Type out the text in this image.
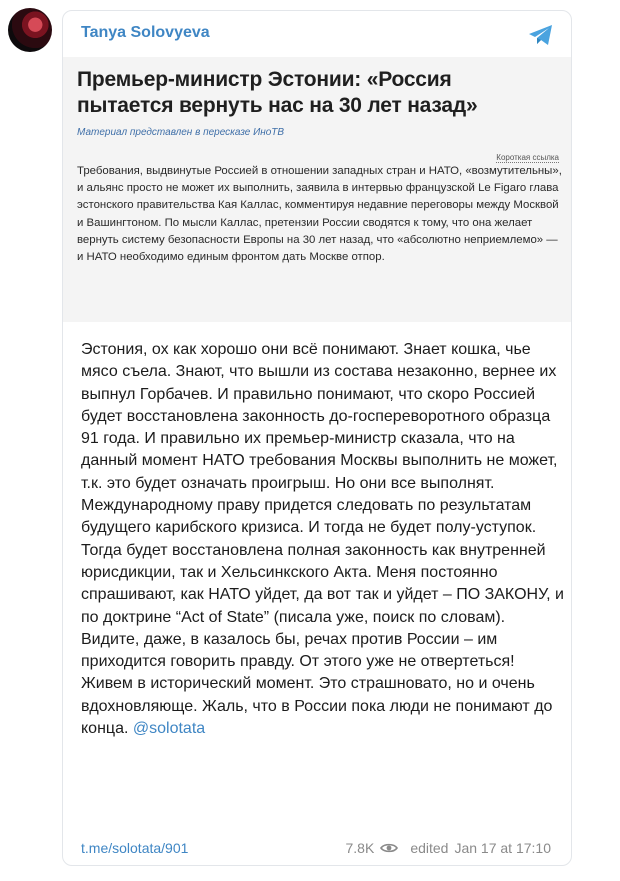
Tanya Solovyeva
Премьер-министр Эстонии: «Россия пытается вернуть нас на 30 лет назад»
Материал представлен в пересказе ИноТВ
Короткая ссылка
Требования, выдвинутые Россией в отношении западных стран и НАТО, «возмутительны», и альянс просто не может их выполнить, заявила в интервью французской Le Figaro глава эстонского правительства Кая Каллас, комментируя недавние переговоры между Москвой и Вашингтоном. По мысли Каллас, претензии России сводятся к тому, что она желает вернуть систему безопасности Европы на 30 лет назад, что «абсолютно неприемлемо» — и НАТО необходимо единым фронтом дать Москве отпор.
Эстония, ох как хорошо они всё понимают. Знает кошка, чье мясо съела. Знают, что вышли из состава незаконно, вернее их выпнул Горбачев. И правильно понимают, что скоро Россией будет восстановлена законность до-госпереворотного образца 91 года. И правильно их премьер-министр сказала, что на данный момент НАТО требования Москвы выполнить не может, т.к. это будет означать проигрыш. Но они все выполнят. Международному праву придется следовать по результатам будущего карибского кризиса. И тогда не будет полу-уступок. Тогда будет восстановлена полная законность как внутренней юрисдикции, так и Хельсинкского Акта. Меня постоянно спрашивают, как НАТО уйдет, да вот так и уйдет – ПО ЗАКОНУ, и по доктрине “Act of State” (писала уже, поиск по словам). Видите, даже, в казалось бы, речах против России – им приходится говорить правду. От этого уже не отвертеться! Живем в исторический момент. Это страшновато, но и очень вдохновляюще. Жаль, что в России пока люди не понимают до конца. @solotata
t.me/solotata/901	7.8K	edited Jan 17 at 17:10
